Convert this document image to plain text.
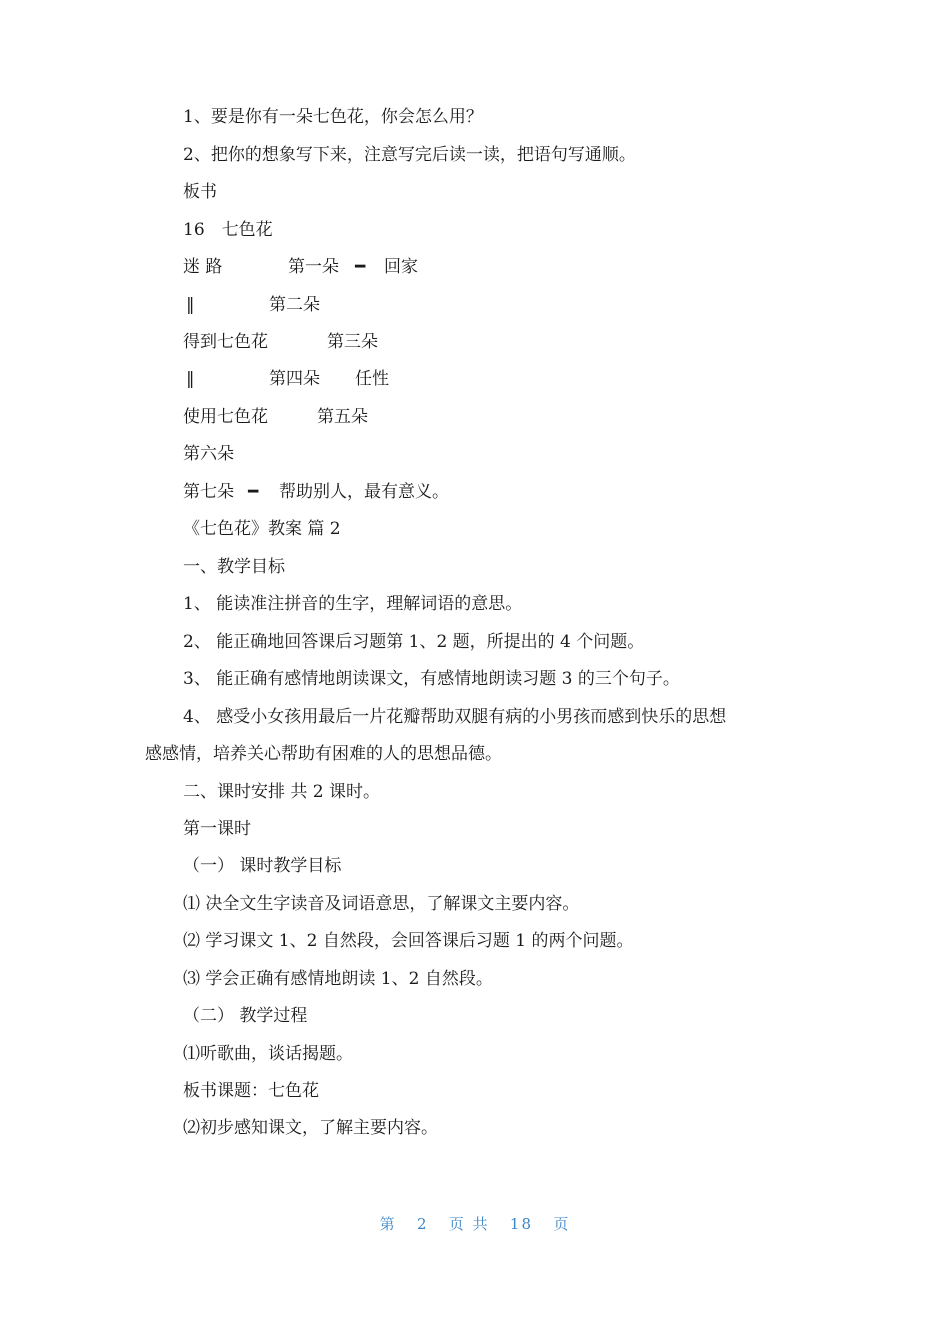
1、要是你有一朵七色花，你会怎么用？
2、把你的想象写下来，注意写完后读一读，把语句写通顺。
板书
16　七色花
迷 路	第一朵 ━ 回家
‖	第二朵
得到七色花	第三朵
‖	第四朵 任性
使用七色花	第五朵
第六朵
第七朵 ━ 帮助别人，最有意义。
《七色花》教案 篇 2
一、教学目标
1、 能读准注拼音的生字，理解词语的意思。
2、 能正确地回答课后习题第 1、2 题，所提出的 4 个问题。
3、 能正确有感情地朗读课文，有感情地朗读习题 3 的三个句子。
4、 感受小女孩用最后一片花瓣帮助双腿有病的小男孩而感到快乐的思想
感感情，培养关心帮助有困难的人的思想品德。
二、课时安排 共 2 课时。
第一课时
（一） 课时教学目标
⑴ 决全文生字读音及词语意思，了解课文主要内容。
⑵ 学习课文 1、2 自然段，会回答课后习题 1 的两个问题。
⑶ 学会正确有感情地朗读 1、2 自然段。
（二） 教学过程
⑴听歌曲，谈话揭题。
板书课题：七色花
⑵初步感知课文，了解主要内容。
第 2 页 共 18 页
